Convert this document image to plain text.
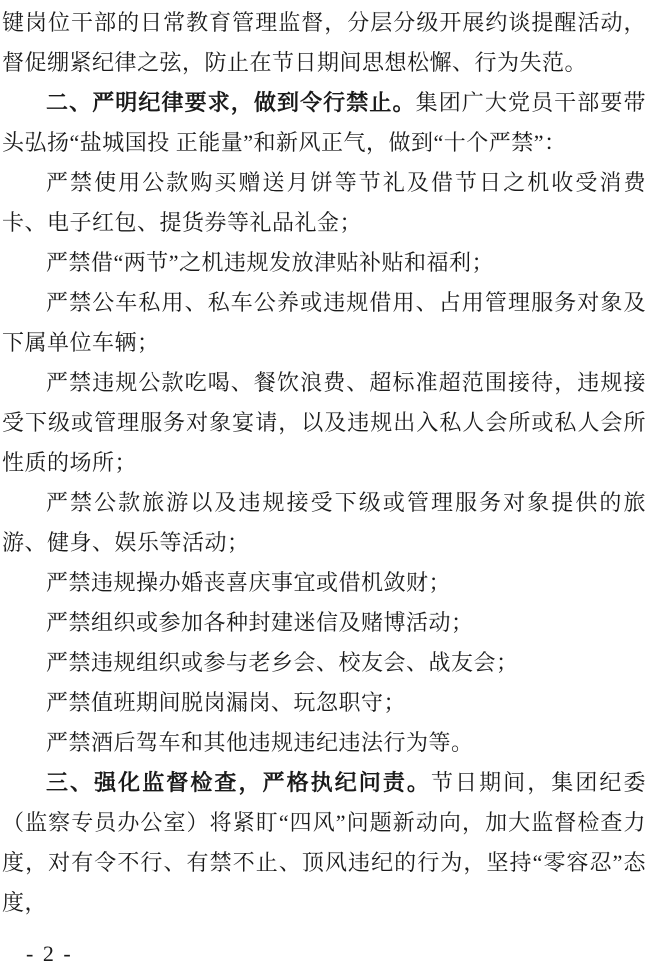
键岗位干部的日常教育管理监督，分层分级开展约谈提醒活动，督促绷紧纪律之弦，防止在节日期间思想松懈、行为失范。

二、严明纪律要求，做到令行禁止。集团广大党员干部要带头弘扬“盐城国投 正能量”和新风正气，做到“十个严禁”：

严禁使用公款购买赠送月饼等节礼及借节日之机收受消费卡、电子红包、提货券等礼品礼金；

严禁借“两节”之机违规发放津贴补贴和福利；

严禁公车私用、私车公养或违规借用、占用管理服务对象及下属单位车辆；

严禁违规公款吃喝、餐饮浪费、超标准超范围接待，违规接受下级或管理服务对象宴请，以及违规出入私人会所或私人会所性质的场所；

严禁公款旅游以及违规接受下级或管理服务对象提供的旅游、健身、娱乐等活动；

严禁违规操办婚丧喜庆事宜或借机敛财；

严禁组织或参加各种封建迷信及赌博活动；

严禁违规组织或参与老乡会、校友会、战友会；

严禁值班期间脱岗漏岗、玩忽职守；

严禁酒后驾车和其他违规违纪违法行为等。

三、强化监督检查，严格执纪问责。节日期间，集团纪委（监察专员办公室）将紧盯“四风”问题新动向，加大监督检查力度，对有令不行、有禁不止、顶风违纪的行为，坚持“零容忍”态度，

- 2 -
